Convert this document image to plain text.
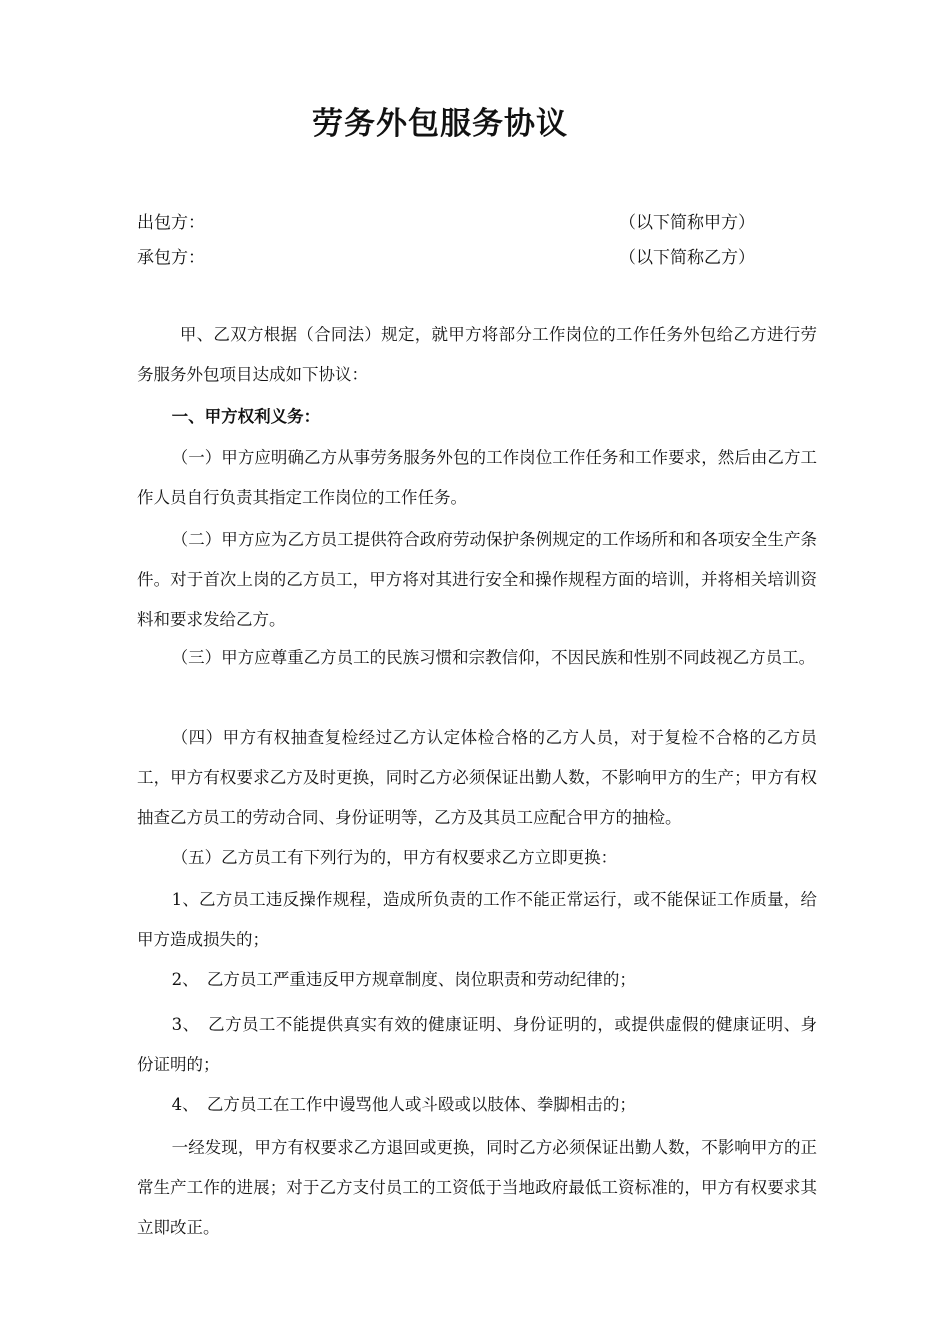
劳务外包服务协议
出包方：	（以下简称甲方）
承包方：	（以下简称乙方）
甲、乙双方根据（合同法）规定，就甲方将部分工作岗位的工作任务外包给乙方进行劳务服务外包项目达成如下协议：
一、甲方权利义务：
（一）甲方应明确乙方从事劳务服务外包的工作岗位工作任务和工作要求，然后由乙方工作人员自行负责其指定工作岗位的工作任务。
（二）甲方应为乙方员工提供符合政府劳动保护条例规定的工作场所和和各项安全生产条件。对于首次上岗的乙方员工，甲方将对其进行安全和操作规程方面的培训，并将相关培训资料和要求发给乙方。
（三）甲方应尊重乙方员工的民族习惯和宗教信仰，不因民族和性别不同歧视乙方员工。
（四）甲方有权抽查复检经过乙方认定体检合格的乙方人员，对于复检不合格的乙方员工，甲方有权要求乙方及时更换，同时乙方必须保证出勤人数，不影响甲方的生产；甲方有权抽查乙方员工的劳动合同、身份证明等，乙方及其员工应配合甲方的抽检。
（五）乙方员工有下列行为的，甲方有权要求乙方立即更换：
1、乙方员工违反操作规程，造成所负责的工作不能正常运行，或不能保证工作质量，给甲方造成损失的；
2、　乙方员工严重违反甲方规章制度、岗位职责和劳动纪律的；
3、　乙方员工不能提供真实有效的健康证明、身份证明的，或提供虚假的健康证明、身份证明的；
4、　乙方员工在工作中谩骂他人或斗殴或以肢体、拳脚相击的；
一经发现，甲方有权要求乙方退回或更换，同时乙方必须保证出勤人数，不影响甲方的正常生产工作的进展；对于乙方支付员工的工资低于当地政府最低工资标准的，甲方有权要求其立即改正。
